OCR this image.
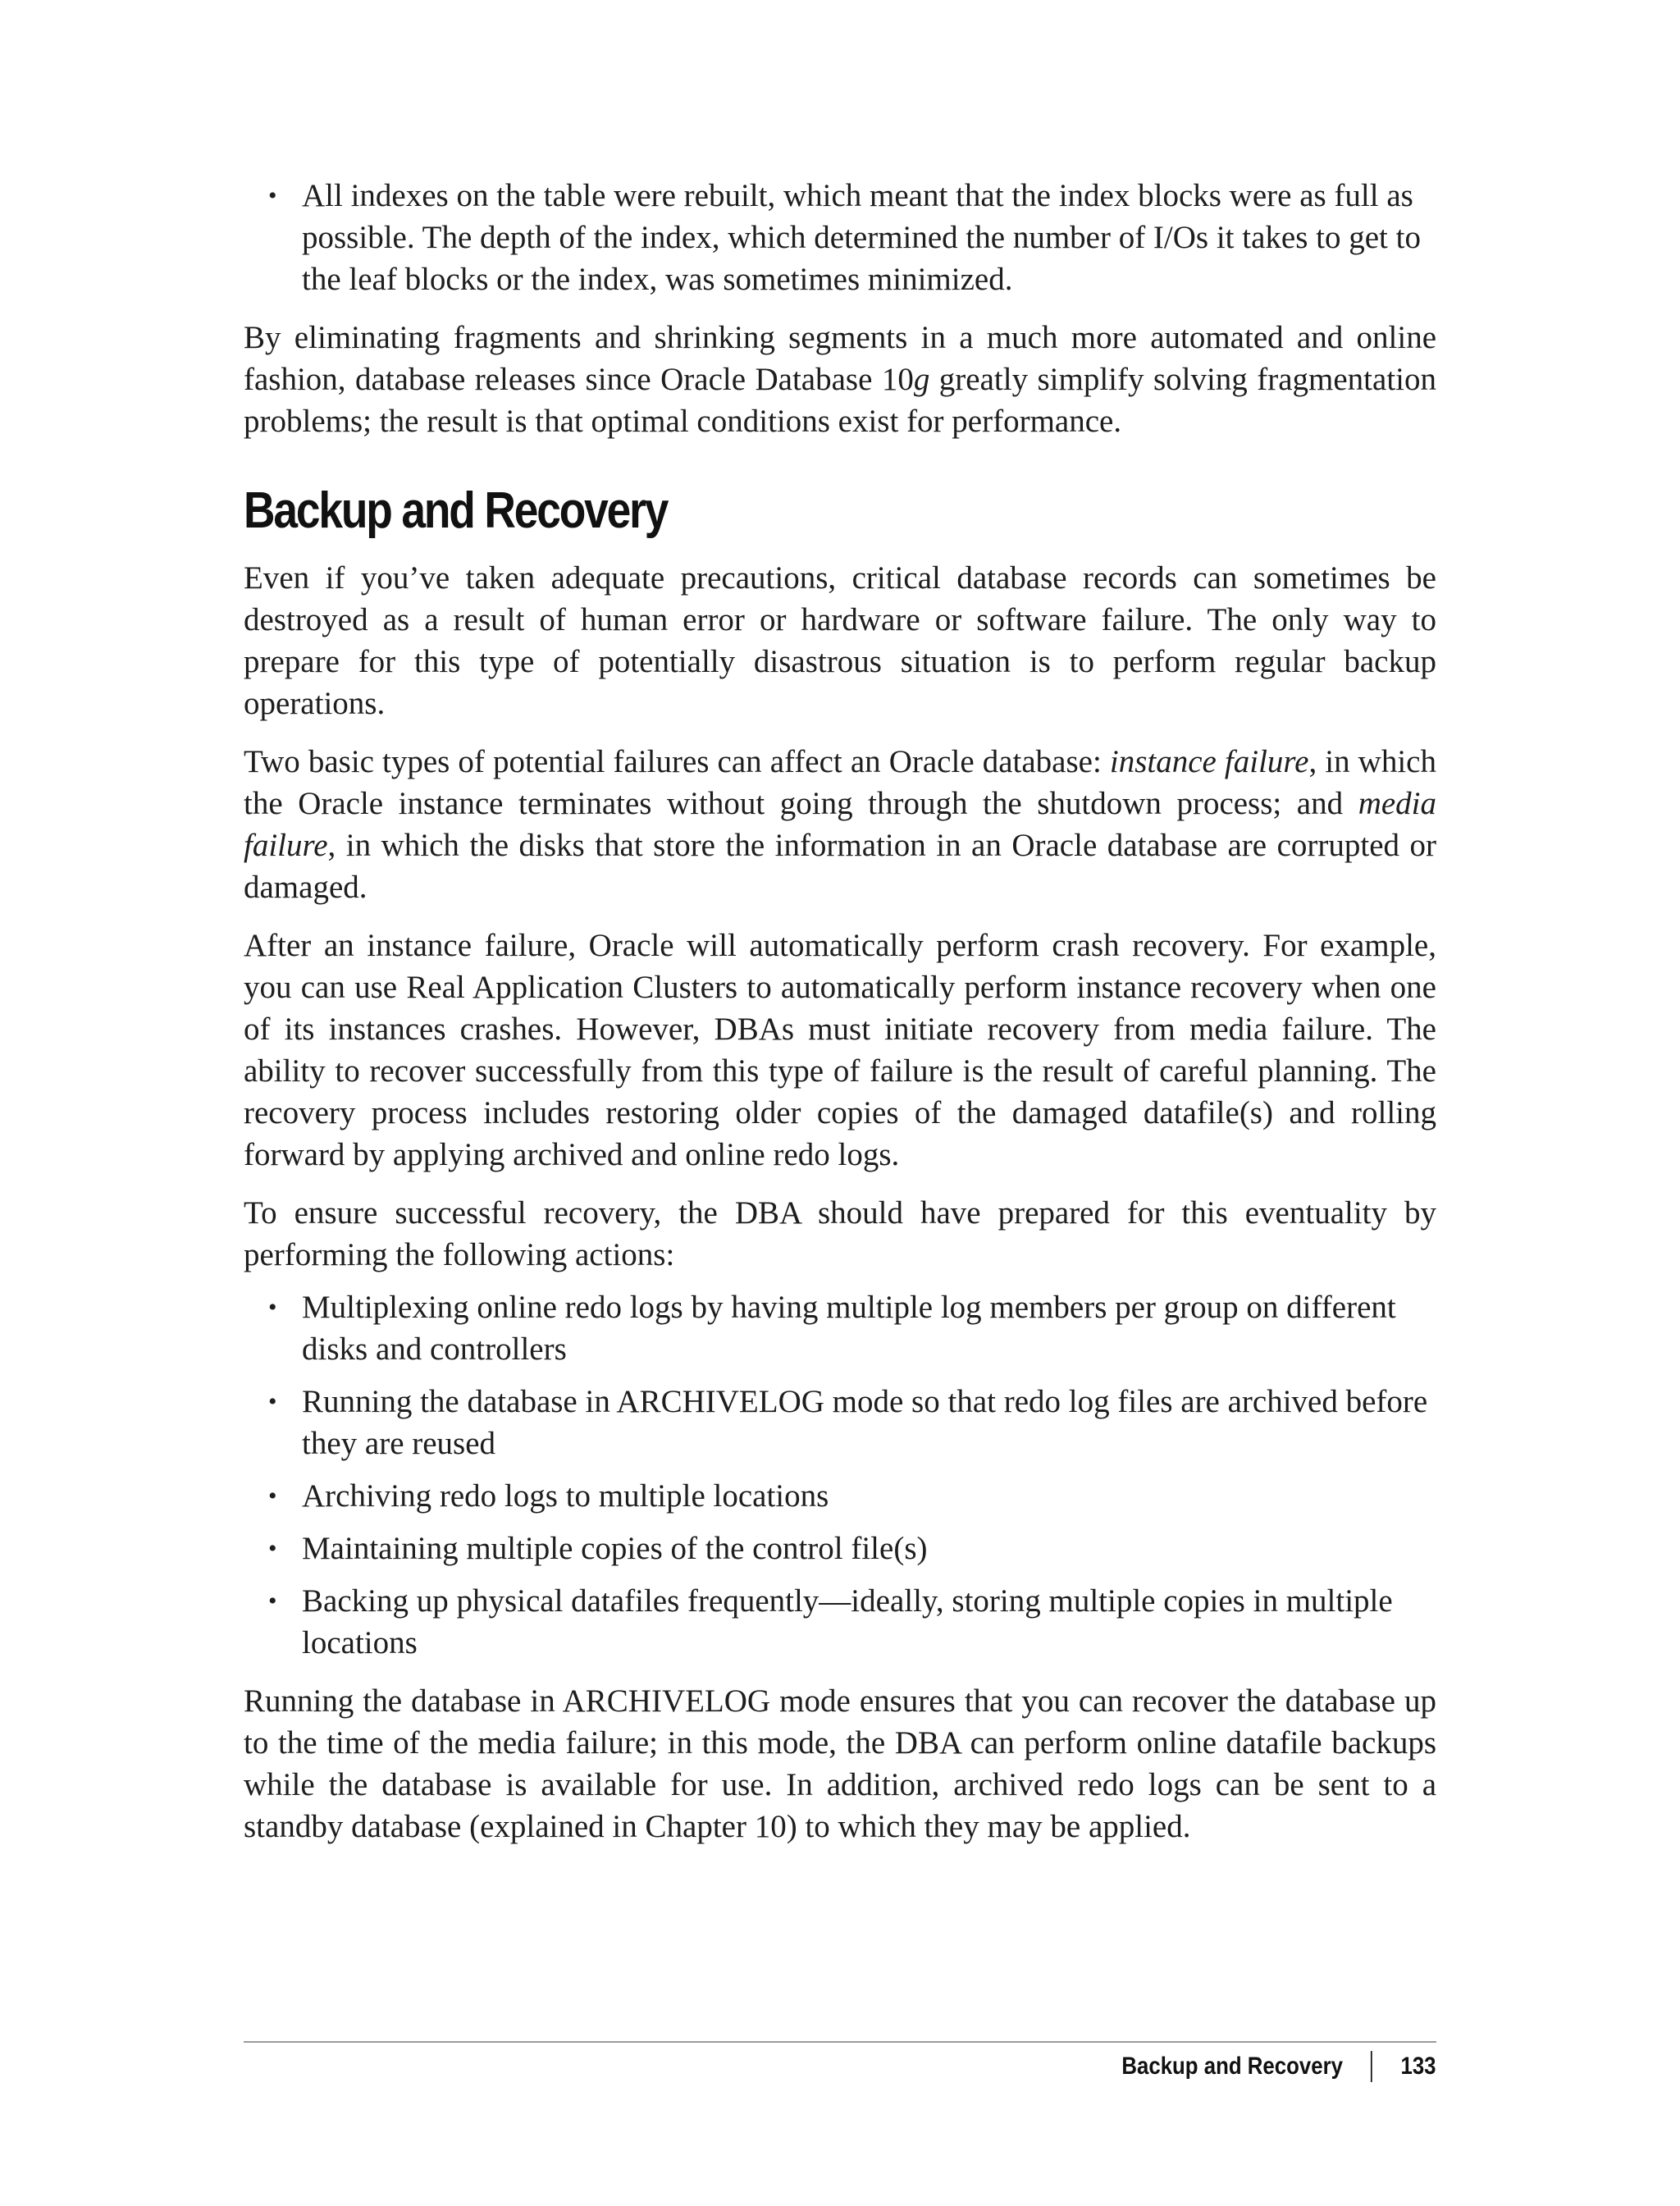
• All indexes on the table were rebuilt, which meant that the index blocks were as full as possible. The depth of the index, which determined the number of I/Os it takes to get to the leaf blocks or the index, was sometimes minimized.

By eliminating fragments and shrinking segments in a much more automated and online fashion, database releases since Oracle Database 10g greatly simplify solving fragmentation problems; the result is that optimal conditions exist for performance.

Backup and Recovery

Even if you’ve taken adequate precautions, critical database records can sometimes be destroyed as a result of human error or hardware or software failure. The only way to prepare for this type of potentially disastrous situation is to perform regular backup operations.

Two basic types of potential failures can affect an Oracle database: instance failure, in which the Oracle instance terminates without going through the shutdown process; and media failure, in which the disks that store the information in an Oracle database are corrupted or damaged.

After an instance failure, Oracle will automatically perform crash recovery. For example, you can use Real Application Clusters to automatically perform instance recovery when one of its instances crashes. However, DBAs must initiate recovery from media failure. The ability to recover successfully from this type of failure is the result of careful planning. The recovery process includes restoring older copies of the damaged datafile(s) and rolling forward by applying archived and online redo logs.

To ensure successful recovery, the DBA should have prepared for this eventuality by performing the following actions:

• Multiplexing online redo logs by having multiple log members per group on different disks and controllers
• Running the database in ARCHIVELOG mode so that redo log files are archived before they are reused
• Archiving redo logs to multiple locations
• Maintaining multiple copies of the control file(s)
• Backing up physical datafiles frequently—ideally, storing multiple copies in multiple locations

Running the database in ARCHIVELOG mode ensures that you can recover the database up to the time of the media failure; in this mode, the DBA can perform online datafile backups while the database is available for use. In addition, archived redo logs can be sent to a standby database (explained in Chapter 10) to which they may be applied.

Backup and Recovery 133
